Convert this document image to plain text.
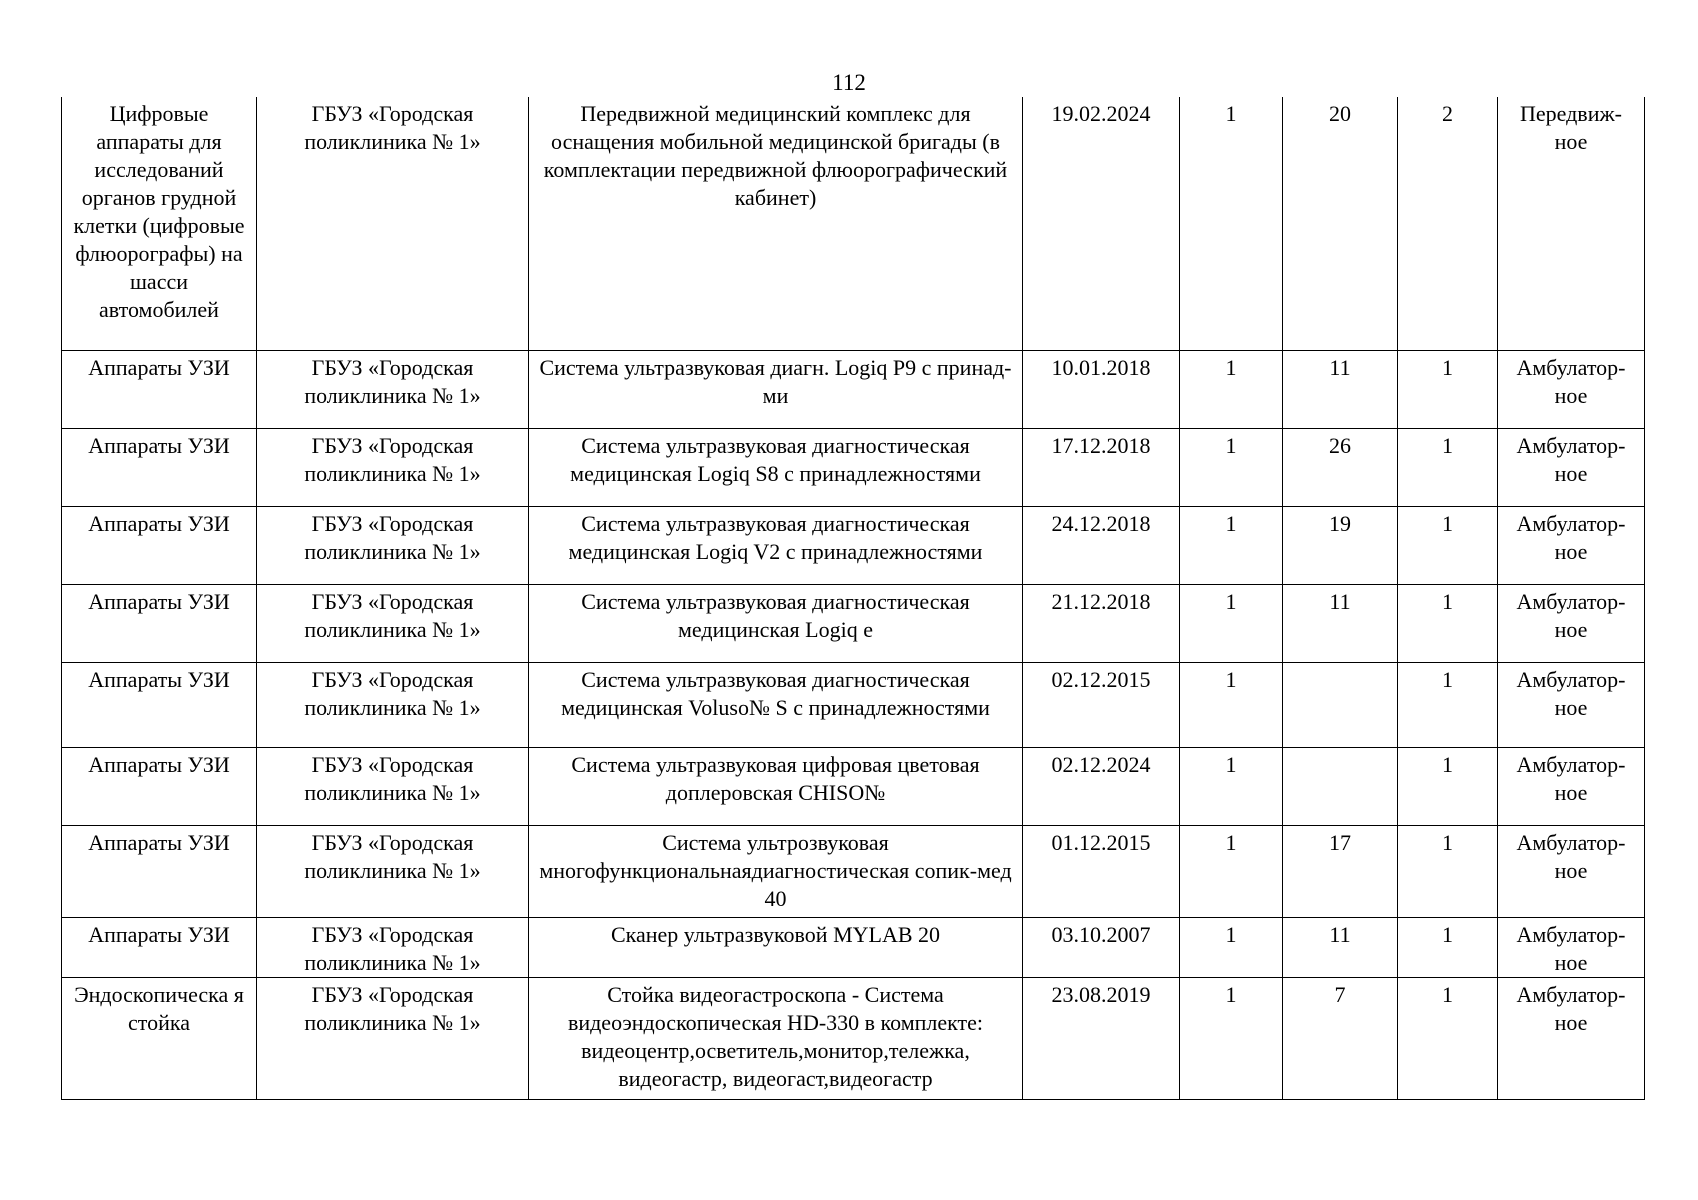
112
Цифровые аппараты для исследований органов грудной клетки (цифровые флюорографы) на шасси автомобилей	ГБУЗ «Городская поликлиника № 1»	Передвижной медицинский комплекс для оснащения мобильной медицинской бригады (в комплектации передвижной флюорографический кабинет)	19.02.2024	1	20	2	Передвиж-ное
Аппараты УЗИ	ГБУЗ «Городская поликлиника № 1»	Система ультразвуковая диагн. Logiq P9 с принад-ми	10.01.2018	1	11	1	Амбулатор-ное
Аппараты УЗИ	ГБУЗ «Городская поликлиника № 1»	Система ультразвуковая диагностическая медицинская Logiq S8 с принадлежностями	17.12.2018	1	26	1	Амбулатор-ное
Аппараты УЗИ	ГБУЗ «Городская поликлиника № 1»	Система ультразвуковая диагностическая медицинская Logiq V2 с принадлежностями	24.12.2018	1	19	1	Амбулатор-ное
Аппараты УЗИ	ГБУЗ «Городская поликлиника № 1»	Система ультразвуковая диагностическая медицинская Logiq e	21.12.2018	1	11	1	Амбулатор-ное
Аппараты УЗИ	ГБУЗ «Городская поликлиника № 1»	Система ультразвуковая диагностическая медицинская Voluso№ S с принадлежностями	02.12.2015	1		1	Амбулатор-ное
Аппараты УЗИ	ГБУЗ «Городская поликлиника № 1»	Система ультразвуковая цифровая цветовая доплеровская CHISO№	02.12.2024	1		1	Амбулатор-ное
Аппараты УЗИ	ГБУЗ «Городская поликлиника № 1»	Система ультрозвуковая многофункциональнаядиагностическая сопик-мед 40	01.12.2015	1	17	1	Амбулатор-ное
Аппараты УЗИ	ГБУЗ «Городская поликлиника № 1»	Сканер ультразвуковой MYLAB 20	03.10.2007	1	11	1	Амбулатор-ное
Эндоскопическа я стойка	ГБУЗ «Городская поликлиника № 1»	Стойка видеогастроскопа - Система видеоэндоскопическая HD-330 в комплекте: видеоцентр,осветитель,монитор,тележка, видеогастр, видеогаст,видеогастр	23.08.2019	1	7	1	Амбулатор-ное
